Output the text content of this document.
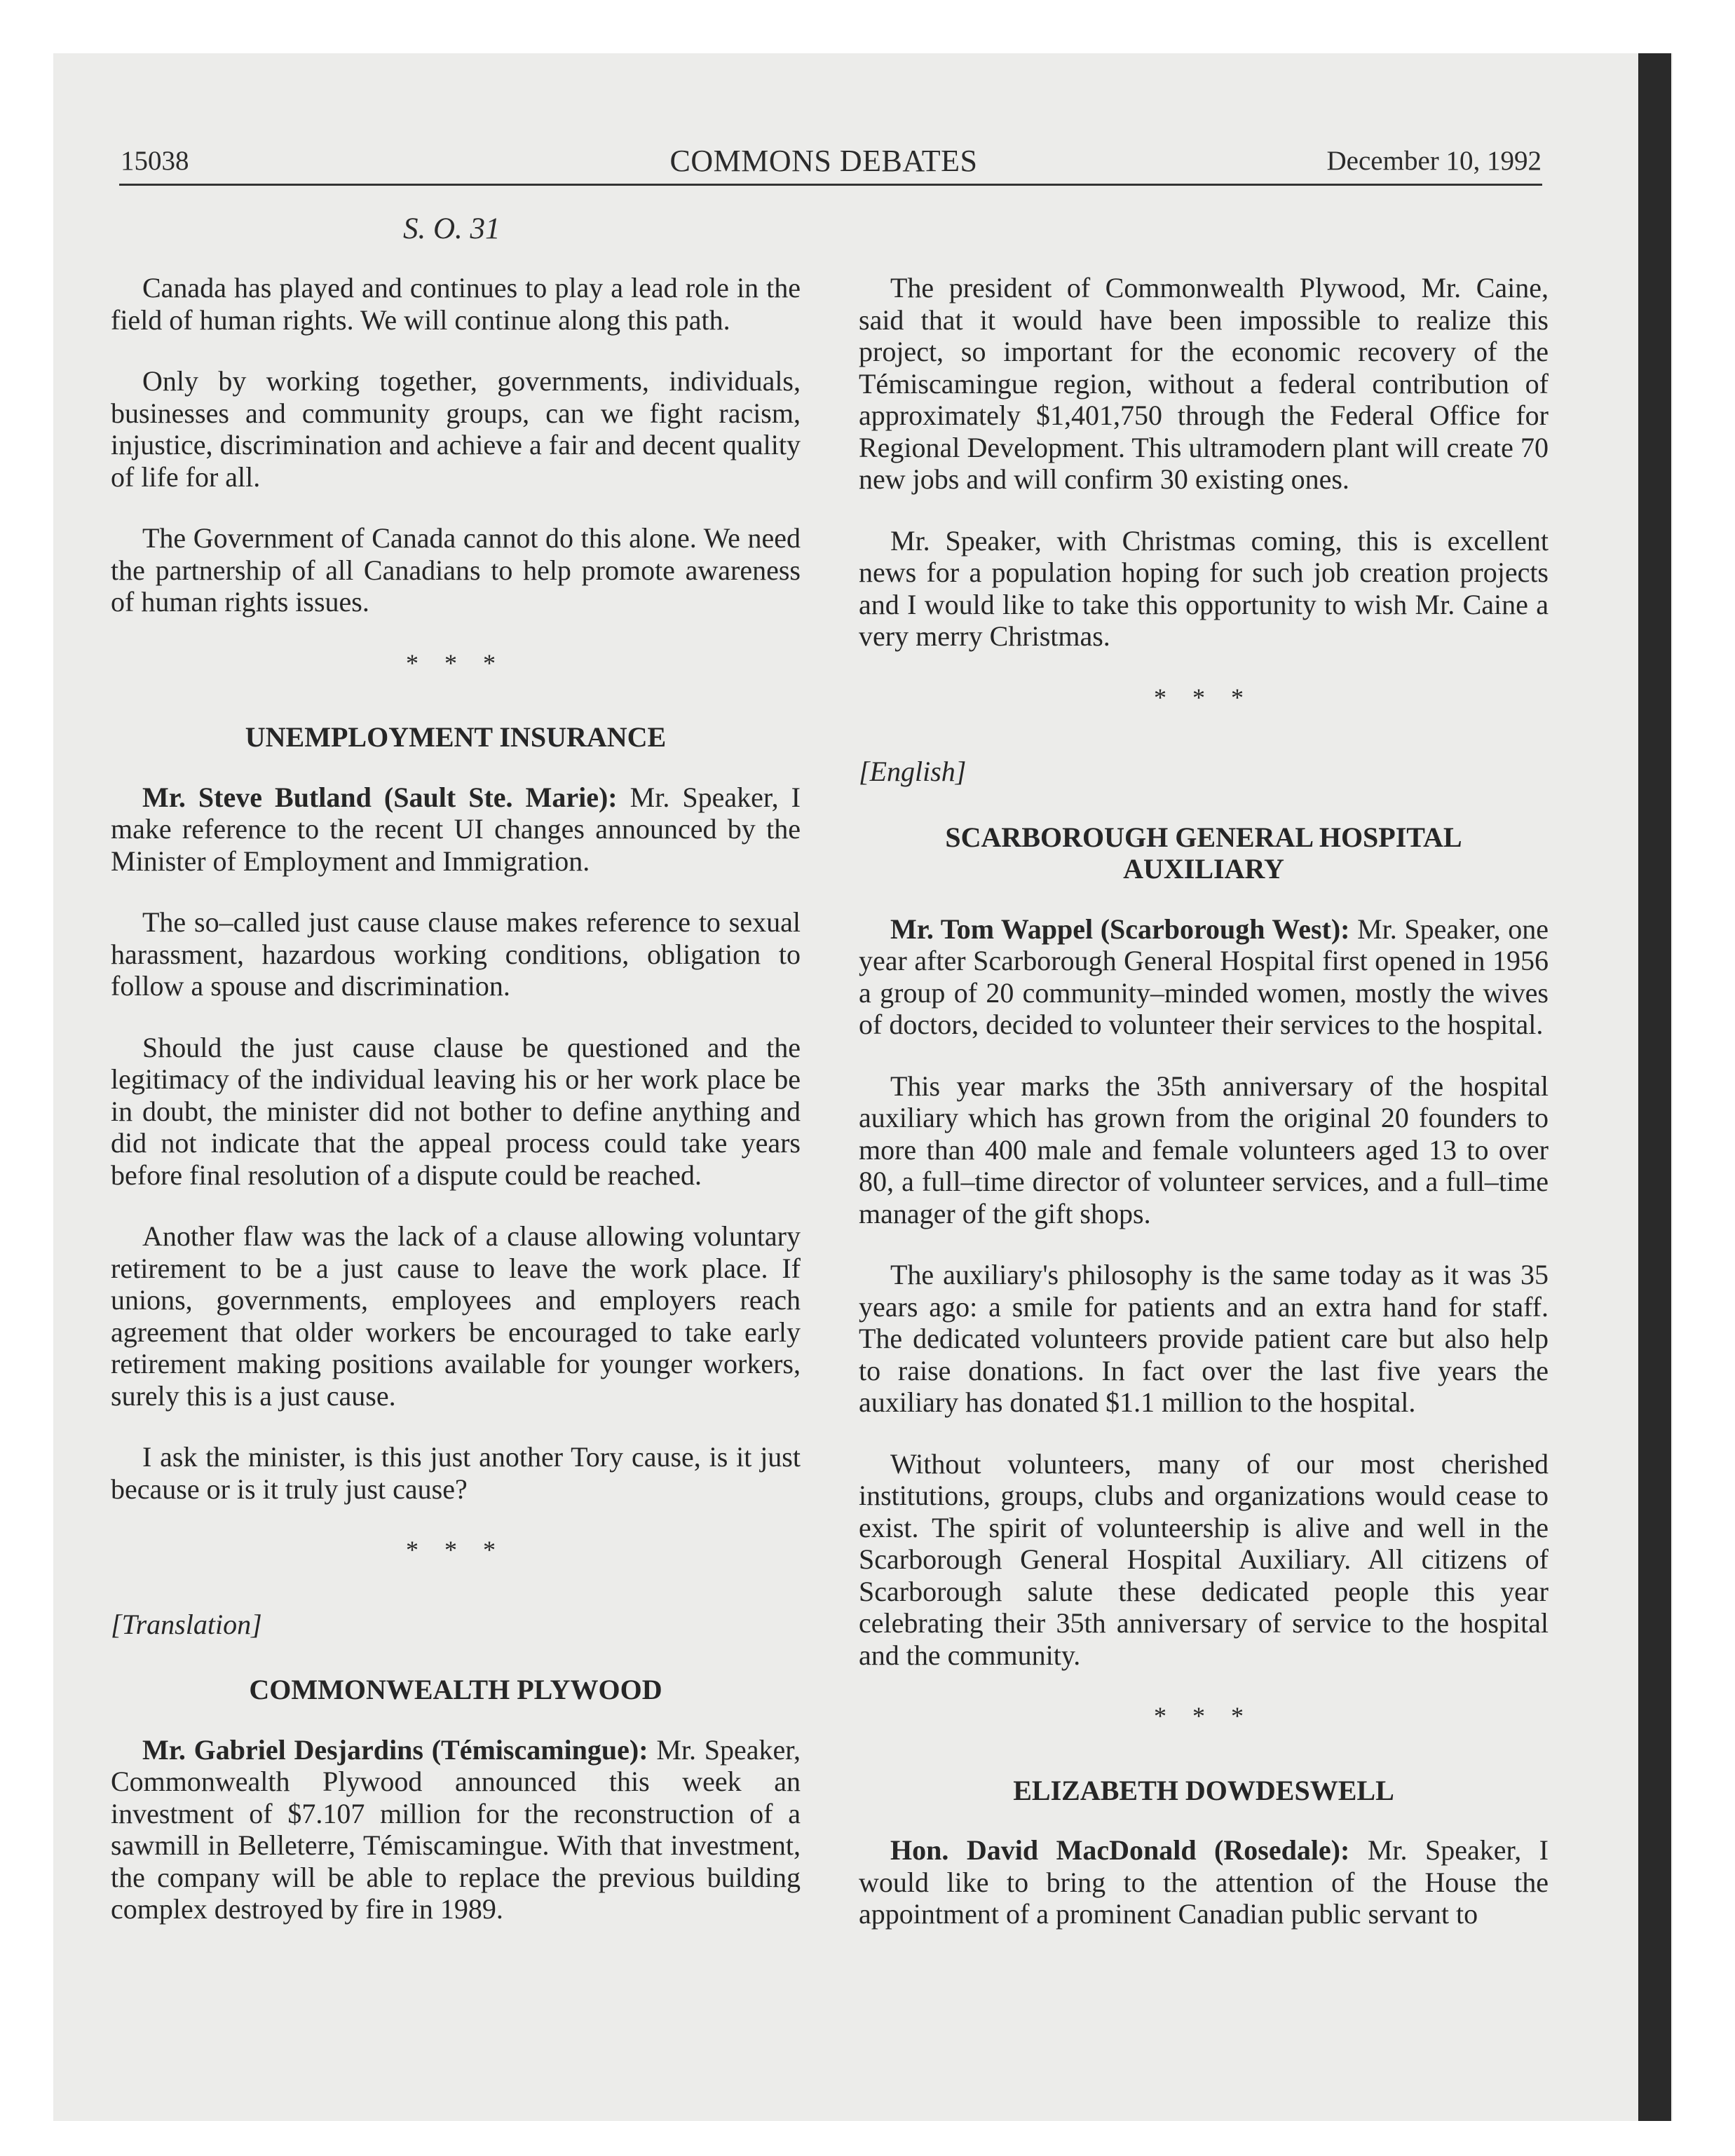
15038	COMMONS DEBATES	December 10, 1992
S. O. 31

Canada has played and continues to play a lead role in the field of human rights. We will continue along this path.

Only by working together, governments, individuals, businesses and community groups, can we fight racism, injustice, discrimination and achieve a fair and decent quality of life for all.

The Government of Canada cannot do this alone. We need the partnership of all Canadians to help promote awareness of human rights issues.

* * *
UNEMPLOYMENT INSURANCE

Mr. Steve Butland (Sault Ste. Marie): Mr. Speaker, I make reference to the recent UI changes announced by the Minister of Employment and Immigration.

The so–called just cause clause makes reference to sexual harassment, hazardous working conditions, obligation to follow a spouse and discrimination.

Should the just cause clause be questioned and the legitimacy of the individual leaving his or her work place be in doubt, the minister did not bother to define anything and did not indicate that the appeal process could take years before final resolution of a dispute could be reached.

Another flaw was the lack of a clause allowing voluntary retirement to be a just cause to leave the work place. If unions, governments, employees and employers reach agreement that older workers be encouraged to take early retirement making positions available for younger workers, surely this is a just cause.

I ask the minister, is this just another Tory cause, is it just because or is it truly just cause?

* * *
[Translation]
COMMONWEALTH PLYWOOD

Mr. Gabriel Desjardins (Témiscamingue): Mr. Speaker, Commonwealth Plywood announced this week an investment of $7.107 million for the reconstruction of a sawmill in Belleterre, Témiscamingue. With that investment, the company will be able to replace the previous building complex destroyed by fire in 1989.

The president of Commonwealth Plywood, Mr. Caine, said that it would have been impossible to realize this project, so important for the economic recovery of the Témiscamingue region, without a federal contribution of approximately $1,401,750 through the Federal Office for Regional Development. This ultramodern plant will create 70 new jobs and will confirm 30 existing ones.

Mr. Speaker, with Christmas coming, this is excellent news for a population hoping for such job creation projects and I would like to take this opportunity to wish Mr. Caine a very merry Christmas.

* * *
[English]
SCARBOROUGH GENERAL HOSPITAL
AUXILIARY

Mr. Tom Wappel (Scarborough West): Mr. Speaker, one year after Scarborough General Hospital first opened in 1956 a group of 20 community–minded women, mostly the wives of doctors, decided to volunteer their services to the hospital.

This year marks the 35th anniversary of the hospital auxiliary which has grown from the original 20 founders to more than 400 male and female volunteers aged 13 to over 80, a full–time director of volunteer services, and a full–time manager of the gift shops.

The auxiliary's philosophy is the same today as it was 35 years ago: a smile for patients and an extra hand for staff. The dedicated volunteers provide patient care but also help to raise donations. In fact over the last five years the auxiliary has donated $1.1 million to the hospital.

Without volunteers, many of our most cherished institutions, groups, clubs and organizations would cease to exist. The spirit of volunteership is alive and well in the Scarborough General Hospital Auxiliary. All citizens of Scarborough salute these dedicated people this year celebrating their 35th anniversary of service to the hospital and the community.

* * *
ELIZABETH DOWDESWELL

Hon. David MacDonald (Rosedale): Mr. Speaker, I would like to bring to the attention of the House the appointment of a prominent Canadian public servant to
